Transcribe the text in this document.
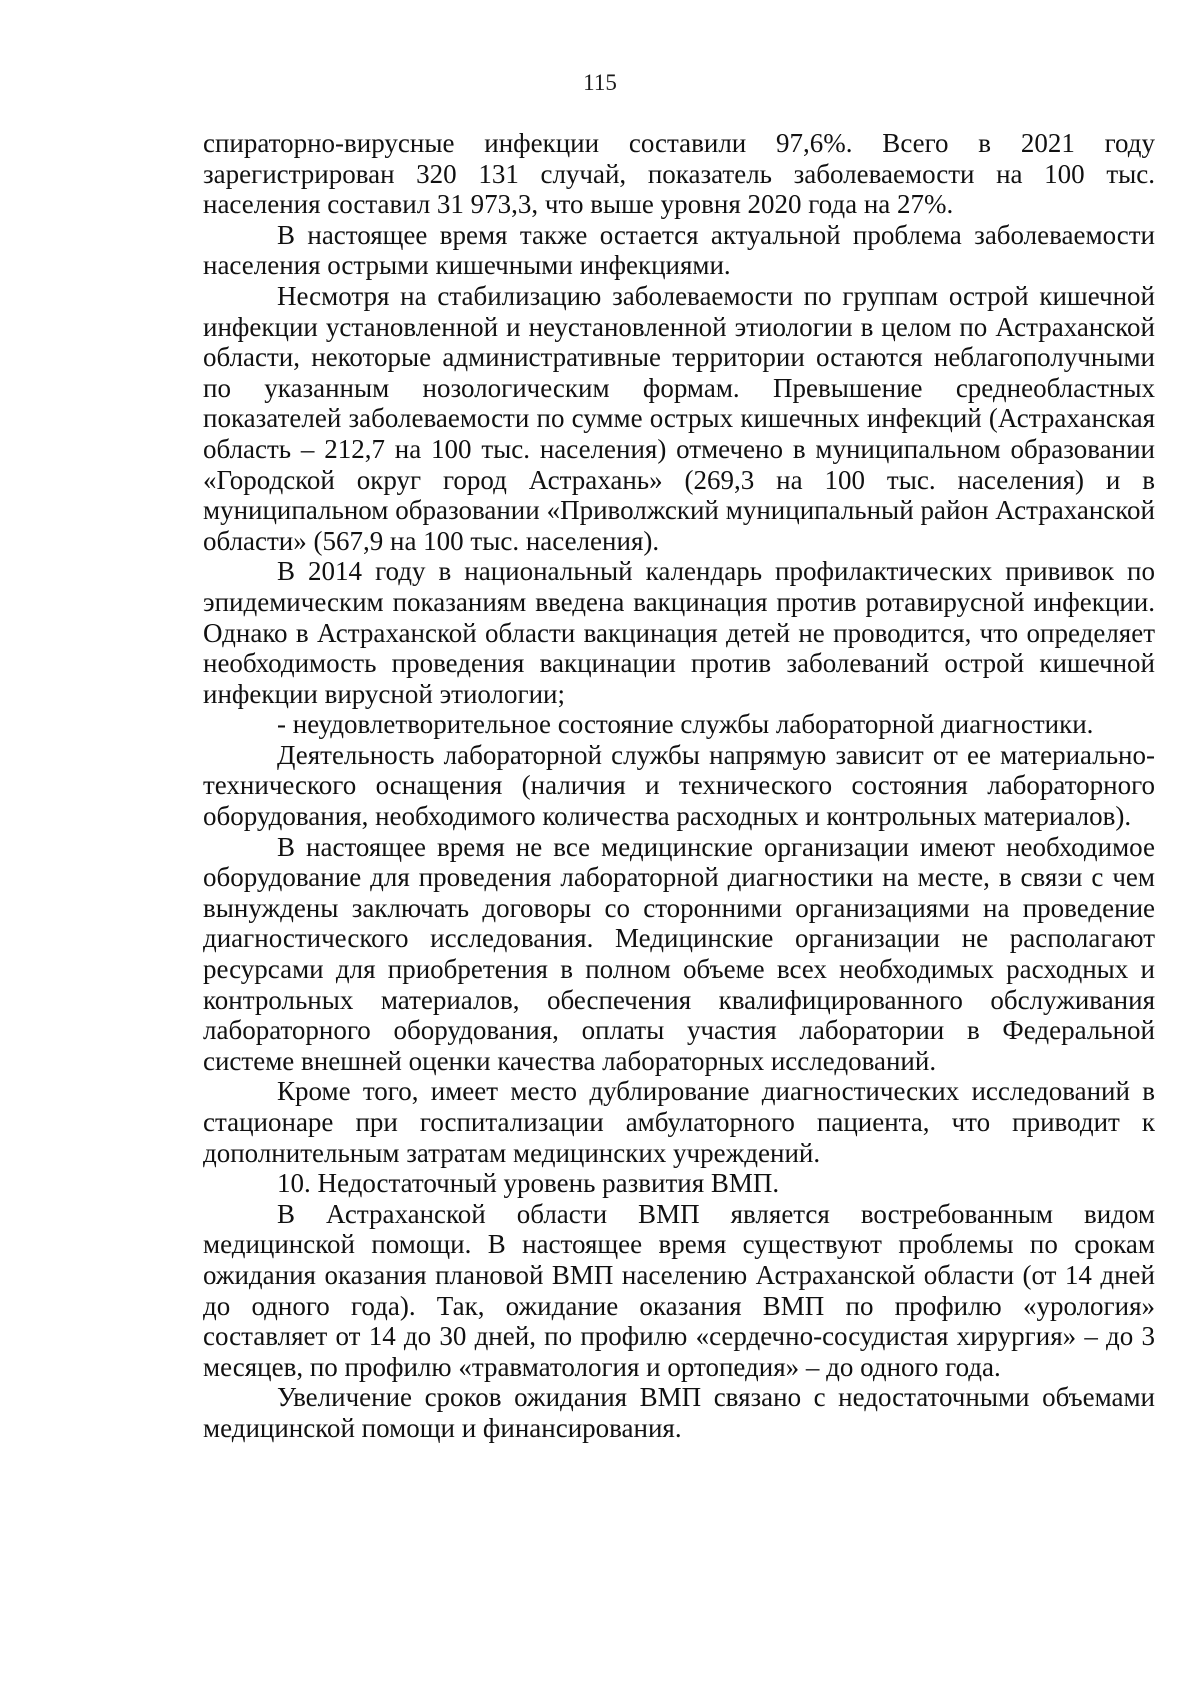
115

спираторно-вирусные инфекции составили 97,6%. Всего в 2021 году зарегистрирован 320 131 случай, показатель заболеваемости на 100 тыс. населения составил 31 973,3, что выше уровня 2020 года на 27%.

В настоящее время также остается актуальной проблема заболеваемости населения острыми кишечными инфекциями.

Несмотря на стабилизацию заболеваемости по группам острой кишечной инфекции установленной и неустановленной этиологии в целом по Астраханской области, некоторые административные территории остаются неблагополучными по указанным нозологическим формам. Превышение среднеобластных показателей заболеваемости по сумме острых кишечных инфекций (Астраханская область – 212,7 на 100 тыс. населения) отмечено в муниципальном образовании «Городской округ город Астрахань» (269,3 на 100 тыс. населения) и в муниципальном образовании «Приволжский муниципальный район Астраханской области» (567,9 на 100 тыс. населения).

В 2014 году в национальный календарь профилактических прививок по эпидемическим показаниям введена вакцинация против ротавирусной инфекции. Однако в Астраханской области вакцинация детей не проводится, что определяет необходимость проведения вакцинации против заболеваний острой кишечной инфекции вирусной этиологии;

- неудовлетворительное состояние службы лабораторной диагностики.

Деятельность лабораторной службы напрямую зависит от ее материально-технического оснащения (наличия и технического состояния лабораторного оборудования, необходимого количества расходных и контрольных материалов).

В настоящее время не все медицинские организации имеют необходимое оборудование для проведения лабораторной диагностики на месте, в связи с чем вынуждены заключать договоры со сторонними организациями на проведение диагностического исследования. Медицинские организации не располагают ресурсами для приобретения в полном объеме всех необходимых расходных и контрольных материалов, обеспечения квалифицированного обслуживания лабораторного оборудования, оплаты участия лаборатории в Федеральной системе внешней оценки качества лабораторных исследований.

Кроме того, имеет место дублирование диагностических исследований в стационаре при госпитализации амбулаторного пациента, что приводит к дополнительным затратам медицинских учреждений.

10. Недостаточный уровень развития ВМП.

В Астраханской области ВМП является востребованным видом медицинской помощи. В настоящее время существуют проблемы по срокам ожидания оказания плановой ВМП населению Астраханской области (от 14 дней до одного года). Так, ожидание оказания ВМП по профилю «урология» составляет от 14 до 30 дней, по профилю «сердечно-сосудистая хирургия» – до 3 месяцев, по профилю «травматология и ортопедия» – до одного года.

Увеличение сроков ожидания ВМП связано с недостаточными объемами медицинской помощи и финансирования.
